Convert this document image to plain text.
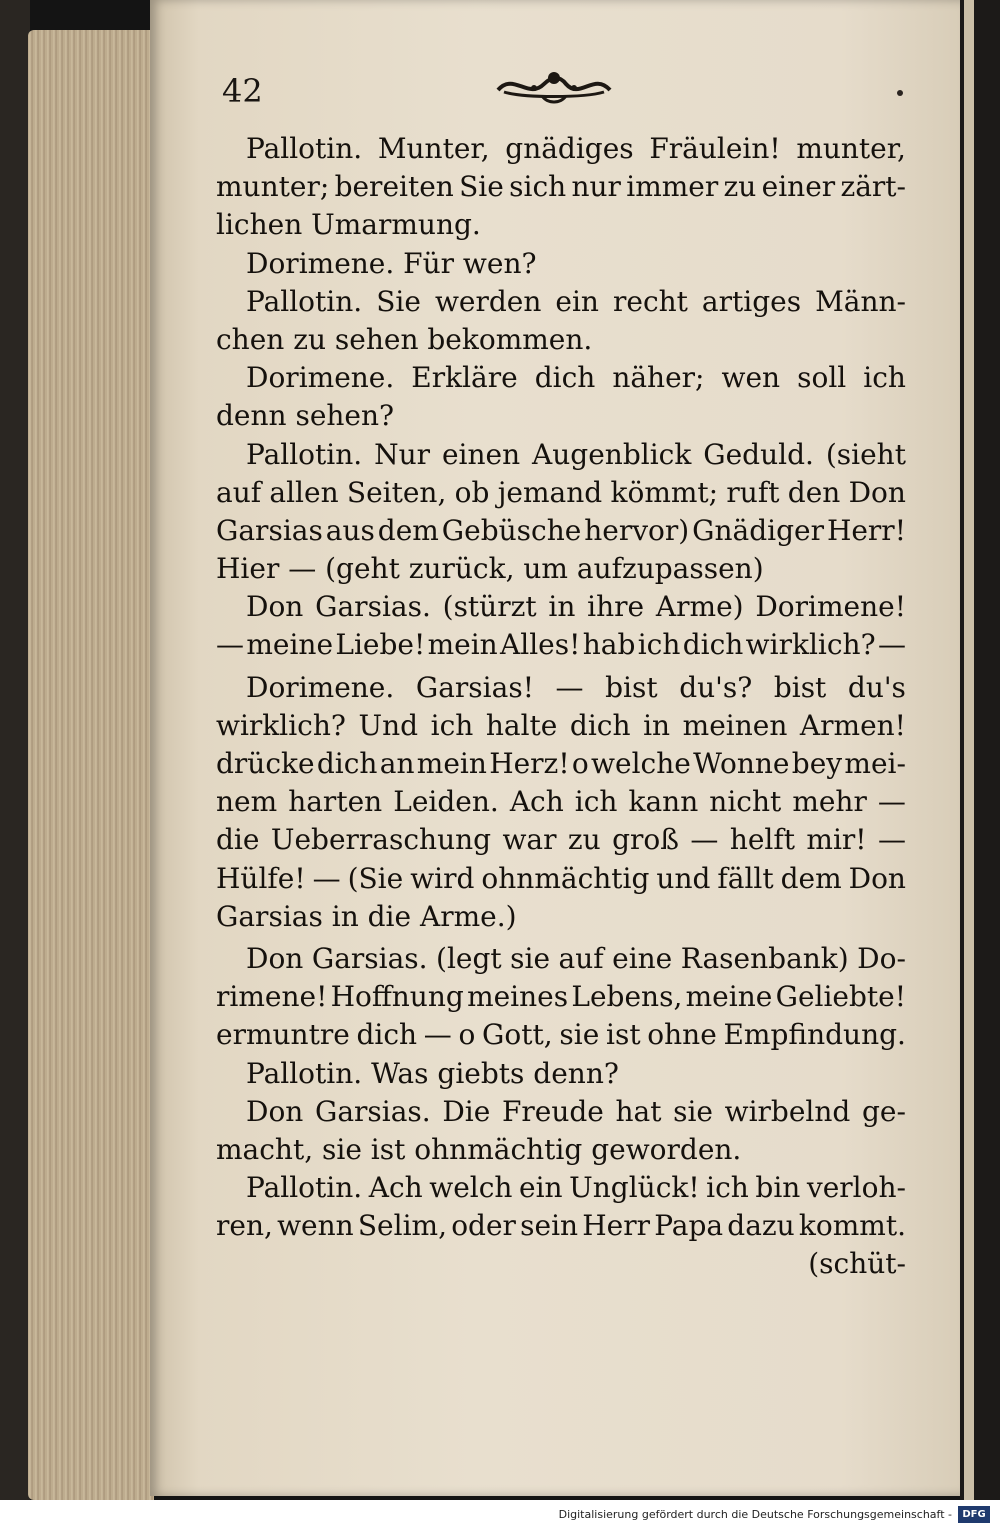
42
Pallotin. Munter, gnädiges Fräulein! munter,
munter; bereiten Sie sich nur immer zu einer zärt-
lichen Umarmung.
Dorimene. Für wen?
Pallotin. Sie werden ein recht artiges Männ-
chen zu sehen bekommen.
Dorimene. Erkläre dich näher; wen soll ich
denn sehen?
Pallotin. Nur einen Augenblick Geduld. (sieht
auf allen Seiten, ob jemand kömmt; ruft den Don
Garsias aus dem Gebüsche hervor) Gnädiger Herr!
Hier — (geht zurück, um aufzupassen)
Don Garsias. (stürzt in ihre Arme) Dorimene!
— meine Liebe! mein Alles! hab ich dich wirklich? —
Dorimene. Garsias! — bist du's? bist du's
wirklich? Und ich halte dich in meinen Armen!
drücke dich an mein Herz! o welche Wonne bey mei-
nem harten Leiden. Ach ich kann nicht mehr —
die Ueberraschung war zu groß — helft mir! —
Hülfe! — (Sie wird ohnmächtig und fällt dem Don
Garsias in die Arme.)
Don Garsias. (legt sie auf eine Rasenbank) Do-
rimene! Hoffnung meines Lebens, meine Geliebte!
ermuntre dich — o Gott, sie ist ohne Empfindung.
Pallotin. Was giebts denn?
Don Garsias. Die Freude hat sie wirbelnd ge-
macht, sie ist ohnmächtig geworden.
Pallotin. Ach welch ein Unglück! ich bin verloh-
ren, wenn Selim, oder sein Herr Papa dazu kommt.
(schüt-
Digitalisierung gefördert durch die Deutsche Forschungsgemeinschaft -	DFG
